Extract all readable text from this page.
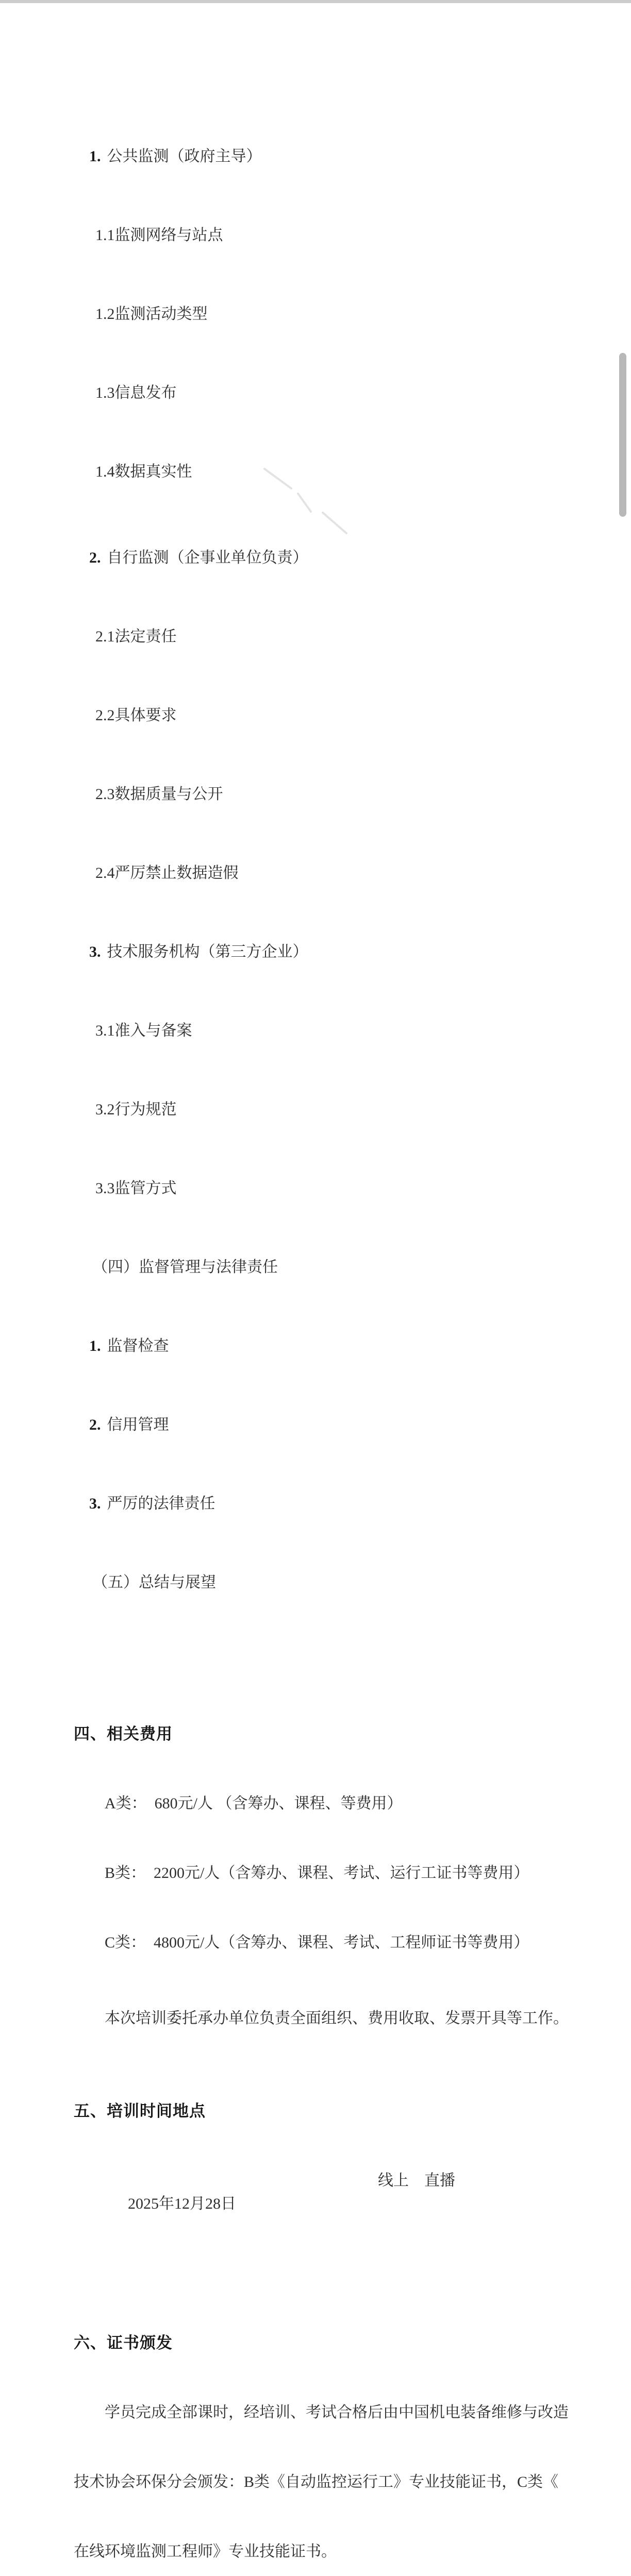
1. 公共监测（政府主导）

1.1监测网络与站点

1.2监测活动类型

1.3信息发布

1.4数据真实性

2. 自行监测（企事业单位负责）

2.1法定责任

2.2具体要求

2.3数据质量与公开

2.4严厉禁止数据造假

3. 技术服务机构（第三方企业）

3.1准入与备案

3.2行为规范

3.3监管方式

（四）监督管理与法律责任

1. 监督检查

2. 信用管理

3. 严厉的法律责任

（五）总结与展望

四、相关费用

A类：  680元/人 （含筹办、课程、等费用）

B类：  2200元/人（含筹办、课程、考试、运行工证书等费用）

C类：  4800元/人（含筹办、课程、考试、工程师证书等费用）

本次培训委托承办单位负责全面组织、费用收取、发票开具等工作。

五、培训时间地点

2025年12月28日

线上　直播

六、证书颁发

学员完成全部课时，经培训、考试合格后由中国机电装备维修与改造

技术协会环保分会颁发：B类《自动监控运行工》专业技能证书，C类《

在线环境监测工程师》专业技能证书。
